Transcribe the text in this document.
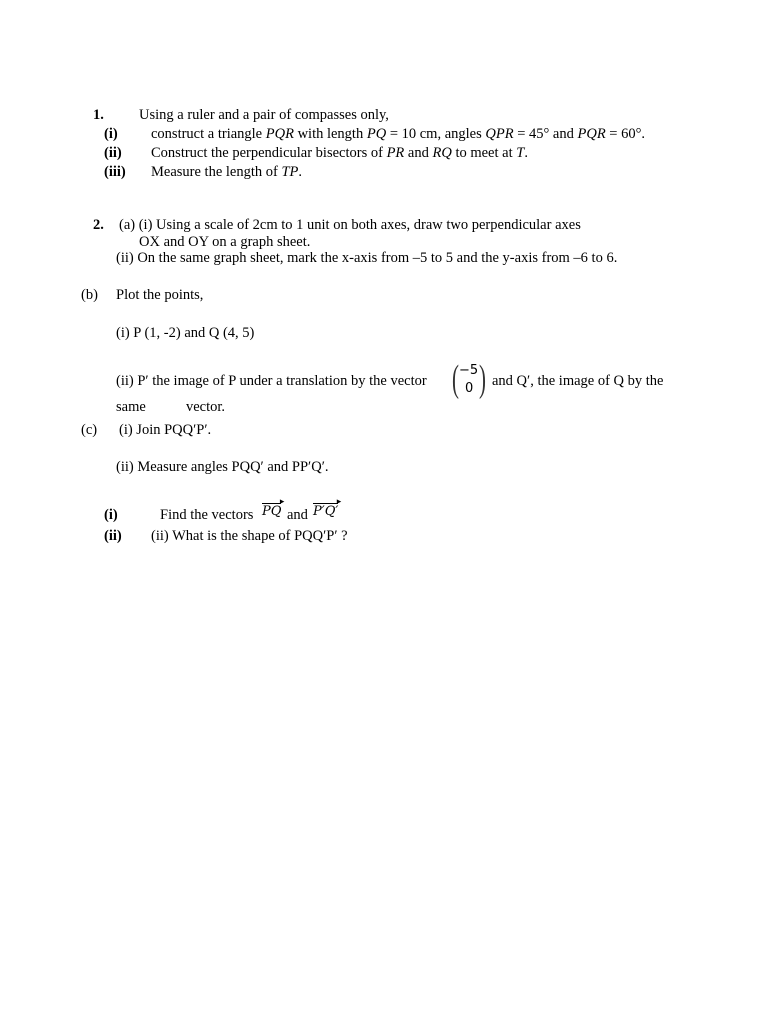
1. Using a ruler and a pair of compasses only,
(i) construct a triangle PQR with length PQ = 10 cm, angles QPR = 45° and PQR = 60°.
(ii) Construct the perpendicular bisectors of PR and RQ to meet at T.
(iii) Measure the length of TP.
2. (a) (i) Using a scale of 2cm to 1 unit on both axes, draw two perpendicular axes
OX and OY on a graph sheet.
(ii) On the same graph sheet, mark the x-axis from –5 to 5 and the y-axis from –6 to 6.
(b) Plot the points,
(i) P (1, -2) and Q (4, 5)
(ii) P′ the image of P under a translation by the vector ( −5
0 ) and Q′, the image of Q by the
same	vector.
(c) (i) Join PQQ′P′.
(ii) Measure angles PQQ′ and PP′Q′.
(i)	Find the vectors PQ
▸
and P′Q′
▸
(ii) (ii) What is the shape of PQQ′P′ ?
